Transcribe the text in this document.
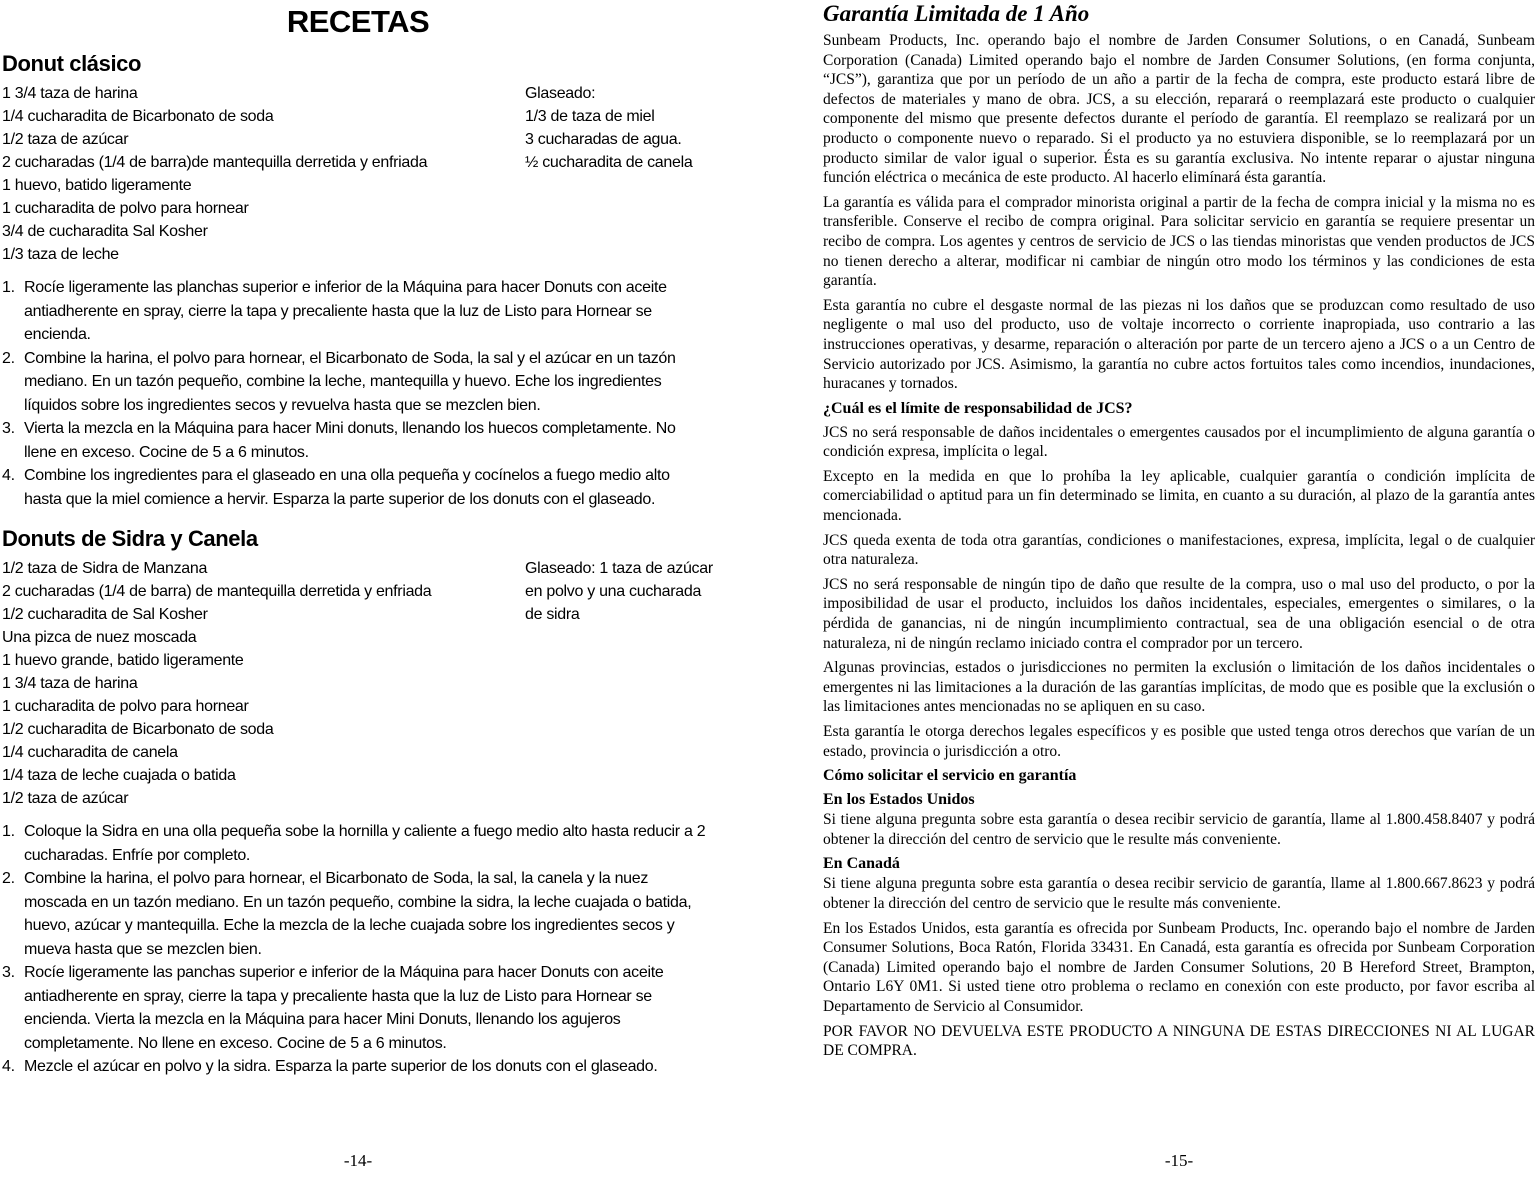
RECETAS
Donut clásico
1 3/4 taza de harina
1/4 cucharadita de Bicarbonato de soda
1/2 taza de azúcar
2 cucharadas (1/4 de barra)de mantequilla derretida y enfriada
1 huevo, batido ligeramente
1 cucharadita de polvo para hornear
3/4 de cucharadita Sal Kosher
1/3 taza de leche
Glaseado:
1/3 de taza de miel
3 cucharadas de agua.
½ cucharadita de canela
1. Rocíe ligeramente las planchas superior e inferior de la Máquina para hacer Donuts con aceite antiadherente en spray, cierre la tapa y precaliente hasta que la luz de Listo para Hornear se encienda.
2. Combine la harina, el polvo para hornear, el Bicarbonato de Soda, la sal y el azúcar en un tazón mediano. En un tazón pequeño, combine la leche, mantequilla y huevo. Eche los ingredientes líquidos sobre los ingredientes secos y revuelva hasta que se mezclen bien.
3. Vierta la mezcla en la Máquina para hacer Mini donuts, llenando los huecos completamente. No llene en exceso. Cocine de 5 a 6 minutos.
4. Combine los ingredientes para el glaseado en una olla pequeña y cocínelos a fuego medio alto hasta que la miel comience a hervir. Esparza la parte superior de los donuts con el glaseado.
Donuts de Sidra y Canela
1/2 taza de Sidra de Manzana
2 cucharadas (1/4 de barra) de mantequilla derretida y enfriada
1/2 cucharadita de Sal Kosher
Una pizca de nuez moscada
1 huevo grande, batido ligeramente
1 3/4 taza de harina
1 cucharadita de polvo para hornear
1/2 cucharadita de Bicarbonato de soda
1/4 cucharadita de canela
1/4 taza de leche cuajada o batida
1/2 taza de azúcar
Glaseado: 1 taza de azúcar
en polvo y una cucharada
de sidra
1. Coloque la Sidra en una olla pequeña sobe la hornilla y caliente a fuego medio alto hasta reducir a 2 cucharadas. Enfríe por completo.
2. Combine la harina, el polvo para hornear, el Bicarbonato de Soda, la sal, la canela y la nuez moscada en un tazón mediano. En un tazón pequeño, combine la sidra, la leche cuajada o batida, huevo, azúcar y mantequilla. Eche la mezcla de la leche cuajada sobre los ingredientes secos y mueva hasta que se mezclen bien.
3. Rocíe ligeramente las panchas superior e inferior de la Máquina para hacer Donuts con aceite antiadherente en spray, cierre la tapa y precaliente hasta que la luz de Listo para Hornear se encienda. Vierta la mezcla en la Máquina para hacer Mini Donuts, llenando los agujeros completamente. No llene en exceso. Cocine de 5 a 6 minutos.
4. Mezcle el azúcar en polvo y la sidra. Esparza la parte superior de los donuts con el glaseado.
-14-
Garantía Limitada de 1 Año

Sunbeam Products, Inc. operando bajo el nombre de Jarden Consumer Solutions, o en Canadá, Sunbeam Corporation (Canada) Limited operando bajo el nombre de Jarden Consumer Solutions, (en forma conjunta, “JCS”), garantiza que por un período de un año a partir de la fecha de compra, este producto estará libre de defectos de materiales y mano de obra. JCS, a su elección, reparará o reemplazará este producto o cualquier componente del mismo que presente defectos durante el período de garantía. El reemplazo se realizará por un producto o componente nuevo o reparado. Si el producto ya no estuviera disponible, se lo reemplazará por un producto similar de valor igual o superior. Ésta es su garantía exclusiva. No intente reparar o ajustar ninguna función eléctrica o mecánica de este producto. Al hacerlo elimínará ésta garantía.

La garantía es válida para el comprador minorista original a partir de la fecha de compra inicial y la misma no es transferible. Conserve el recibo de compra original. Para solicitar servicio en garantía se requiere presentar un recibo de compra. Los agentes y centros de servicio de JCS o las tiendas minoristas que venden productos de JCS no tienen derecho a alterar, modificar ni cambiar de ningún otro modo los términos y las condiciones de esta garantía.

Esta garantía no cubre el desgaste normal de las piezas ni los daños que se produzcan como resultado de uso negligente o mal uso del producto, uso de voltaje incorrecto o corriente inapropiada, uso contrario a las instrucciones operativas, y desarme, reparación o alteración por parte de un tercero ajeno a JCS o a un Centro de Servicio autorizado por JCS. Asimismo, la garantía no cubre actos fortuitos tales como incendios, inundaciones, huracanes y tornados.

¿Cuál es el límite de responsabilidad de JCS?

JCS no será responsable de daños incidentales o emergentes causados por el incumplimiento de alguna garantía o condición expresa, implícita o legal.

Excepto en la medida en que lo prohíba la ley aplicable, cualquier garantía o condición implícita de comerciabilidad o aptitud para un fin determinado se limita, en cuanto a su duración, al plazo de la garantía antes mencionada.

JCS queda exenta de toda otra garantías, condiciones o manifestaciones, expresa, implícita, legal o de cualquier otra naturaleza.

JCS no será responsable de ningún tipo de daño que resulte de la compra, uso o mal uso del producto, o por la imposibilidad de usar el producto, incluidos los daños incidentales, especiales, emergentes o similares, o la pérdida de ganancias, ni de ningún incumplimiento contractual, sea de una obligación esencial o de otra naturaleza, ni de ningún reclamo iniciado contra el comprador por un tercero.

Algunas provincias, estados o jurisdicciones no permiten la exclusión o limitación de los daños incidentales o emergentes ni las limitaciones a la duración de las garantías implícitas, de modo que es posible que la exclusión o las limitaciones antes mencionadas no se apliquen en su caso.

Esta garantía le otorga derechos legales específicos y es posible que usted tenga otros derechos que varían de un estado, provincia o jurisdicción a otro.

Cómo solicitar el servicio en garantía
En los Estados Unidos

Si tiene alguna pregunta sobre esta garantía o desea recibir servicio de garantía, llame al 1.800.458.8407 y podrá obtener la dirección del centro de servicio que le resulte más conveniente.

En Canadá

Si tiene alguna pregunta sobre esta garantía o desea recibir servicio de garantía, llame al 1.800.667.8623 y podrá obtener la dirección del centro de servicio que le resulte más conveniente.

En los Estados Unidos, esta garantía es ofrecida por Sunbeam Products, Inc. operando bajo el nombre de Jarden Consumer Solutions, Boca Ratón, Florida 33431. En Canadá, esta garantía es ofrecida por Sunbeam Corporation (Canada) Limited operando bajo el nombre de Jarden Consumer Solutions, 20 B Hereford Street, Brampton, Ontario L6Y 0M1. Si usted tiene otro problema o reclamo en conexión con este producto, por favor escriba al Departamento de Servicio al Consumidor.

POR FAVOR NO DEVUELVA ESTE PRODUCTO A NINGUNA DE ESTAS DIRECCIONES NI AL LUGAR DE COMPRA.

-15-
